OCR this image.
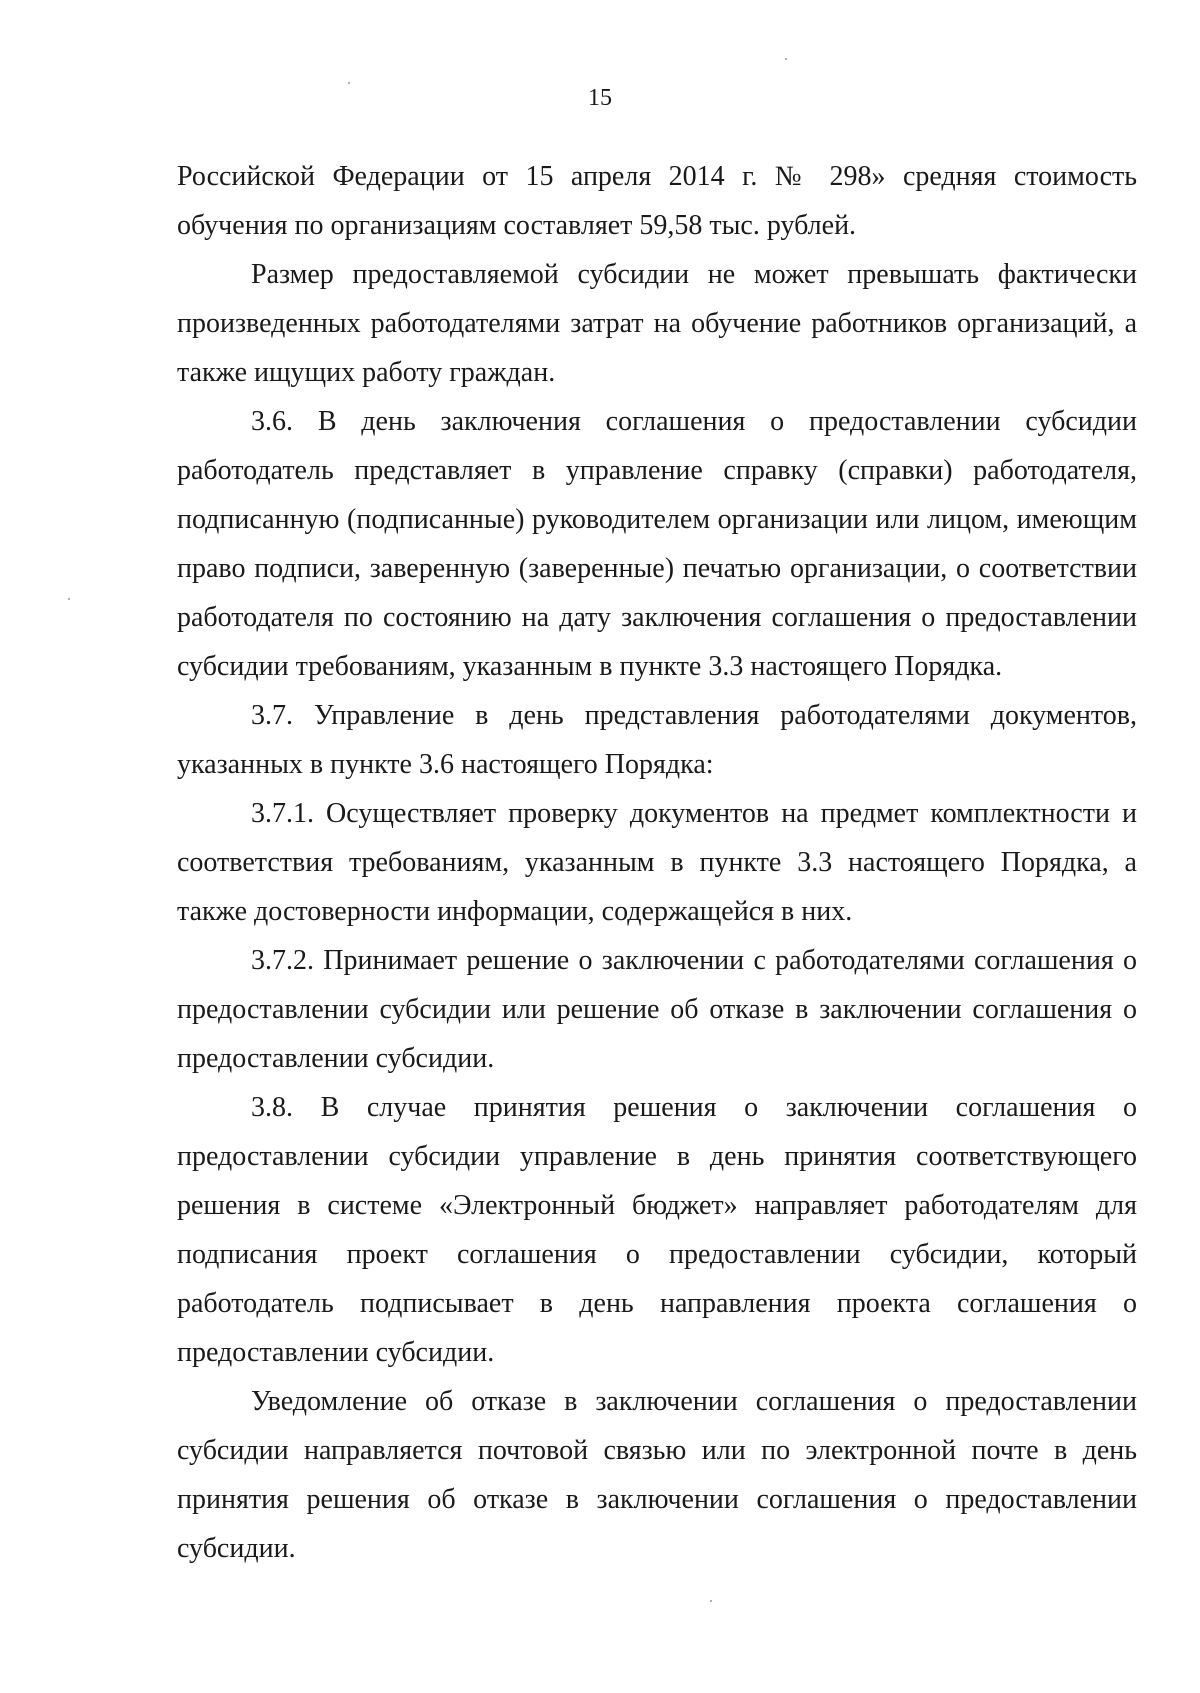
15

Российской Федерации от 15 апреля 2014 г. № 298» средняя стоимость обучения по организациям составляет 59,58 тыс. рублей.

Размер предоставляемой субсидии не может превышать фактически произведенных работодателями затрат на обучение работников организаций, а также ищущих работу граждан.

3.6. В день заключения соглашения о предоставлении субсидии работодатель представляет в управление справку (справки) работодателя, подписанную (подписанные) руководителем организации или лицом, имеющим право подписи, заверенную (заверенные) печатью организации, о соответствии работодателя по состоянию на дату заключения соглашения о предоставлении субсидии требованиям, указанным в пункте 3.3 настоящего Порядка.

3.7. Управление в день представления работодателями документов, указанных в пункте 3.6 настоящего Порядка:

3.7.1. Осуществляет проверку документов на предмет комплектности и соответствия требованиям, указанным в пункте 3.3 настоящего Порядка, а также достоверности информации, содержащейся в них.

3.7.2. Принимает решение о заключении с работодателями соглашения о предоставлении субсидии или решение об отказе в заключении соглашения о предоставлении субсидии.

3.8. В случае принятия решения о заключении соглашения о предоставлении субсидии управление в день принятия соответствующего решения в системе «Электронный бюджет» направляет работодателям для подписания проект соглашения о предоставлении субсидии, который работодатель подписывает в день направления проекта соглашения о предоставлении субсидии.

Уведомление об отказе в заключении соглашения о предоставлении субсидии направляется почтовой связью или по электронной почте в день принятия решения об отказе в заключении соглашения о предоставлении субсидии.
